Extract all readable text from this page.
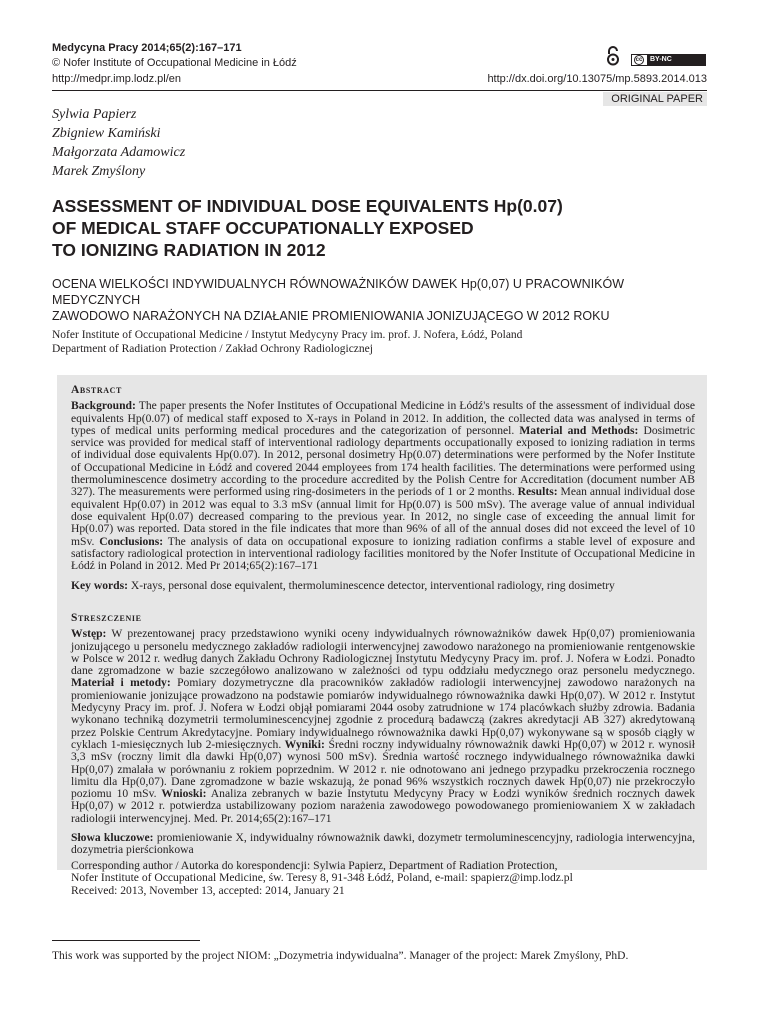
Medycyna Pracy 2014;65(2):167–171
© Nofer Institute of Occupational Medicine in Łódź
http://medpr.imp.lodz.pl/en
cc	BY-NC
http://dx.doi.org/10.13075/mp.5893.2014.013
ORIGINAL PAPER
Sylwia Papierz
Zbigniew Kamiński
Małgorzata Adamowicz
Marek Zmyślony
ASSESSMENT OF INDIVIDUAL DOSE EQUIVALENTS Hp(0.07)
OF MEDICAL STAFF OCCUPATIONALLY EXPOSED
TO IONIZING RADIATION IN 2012
OCENA WIELKOŚCI INDYWIDUALNYCH RÓWNOWAŻNIKÓW DAWEK Hp(0,07) U PRACOWNIKÓW MEDYCZNYCH
ZAWODOWO NARAŻONYCH NA DZIAŁANIE PROMIENIOWANIA JONIZUJĄCEGO W 2012 ROKU
Nofer Institute of Occupational Medicine / Instytut Medycyny Pracy im. prof. J. Nofera, Łódź, Poland
Department of Radiation Protection / Zakład Ochrony Radiologicznej
Abstract
Background: The paper presents the Nofer Institutes of Occupational Medicine in Łódź's results of the assessment of individual dose equivalents Hp(0.07) of medical staff exposed to X-rays in Poland in 2012. In addition, the collected data was analysed in terms of types of medical units performing medical procedures and the categorization of personnel. Material and Methods: Dosimetric service was provided for medical staff of interventional radiology departments occupationally exposed to ionizing radiation in terms of individual dose equivalents Hp(0.07). In 2012, personal dosimetry Hp(0.07) determinations were performed by the Nofer Institute of Occupational Medicine in Łódź and covered 2044 employees from 174 health facilities. The determinations were performed using thermoluminescence dosimetry according to the procedure accredited by the Polish Centre for Accreditation (document number AB 327). The measurements were performed using ring-dosimeters in the periods of 1 or 2 months. Results: Mean annual individual dose equivalent Hp(0.07) in 2012 was equal to 3.3 mSv (annual limit for Hp(0.07) is 500 mSv). The average value of annual individual dose equivalent Hp(0.07) decreased comparing to the previous year. In 2012, no single case of exceeding the annual limit for Hp(0.07) was reported. Data stored in the file indicates that more than 96% of all of the annual doses did not exceed the level of 10 mSv. Conclusions: The analysis of data on occupational exposure to ionizing radiation confirms a stable level of exposure and satisfactory radiological protection in interventional radiology facilities monitored by the Nofer Institute of Occupational Medicine in Łódź in Poland in 2012. Med Pr 2014;65(2):167–171
Key words: X-rays, personal dose equivalent, thermoluminescence detector, interventional radiology, ring dosimetry
Streszczenie
Wstęp: W prezentowanej pracy przedstawiono wyniki oceny indywidualnych równoważników dawek Hp(0,07) promieniowania jonizującego u personelu medycznego zakładów radiologii interwencyjnej zawodowo narażonego na promieniowanie rentgenowskie w Polsce w 2012 r. według danych Zakładu Ochrony Radiologicznej Instytutu Medycyny Pracy im. prof. J. Nofera w Łodzi. Ponadto dane zgromadzone w bazie szczegółowo analizowano w zależności od typu oddziału medycznego oraz personelu medycznego. Materiał i metody: Pomiary dozymetryczne dla pracowników zakładów radiologii interwencyjnej zawodowo narażonych na promieniowanie jonizujące prowadzono na podstawie pomiarów indywidualnego równoważnika dawki Hp(0,07). W 2012 r. Instytut Medycyny Pracy im. prof. J. Nofera w Łodzi objął pomiarami 2044 osoby zatrudnione w 174 placówkach służby zdrowia. Badania wykonano techniką dozymetrii termoluminescencyjnej zgodnie z procedurą badawczą (zakres akredytacji AB 327) akredytowaną przez Polskie Centrum Akredytacyjne. Pomiary indywidualnego równoważnika dawki Hp(0,07) wykonywane są w sposób ciągły w cyklach 1-miesięcznych lub 2-miesięcznych. Wyniki: Średni roczny indywidualny równoważnik dawki Hp(0,07) w 2012 r. wynosił 3,3 mSv (roczny limit dla dawki Hp(0,07) wynosi 500 mSv). Średnia wartość rocznego indywidualnego równoważnika dawki Hp(0,07) zmalała w porównaniu z rokiem poprzednim. W 2012 r. nie odnotowano ani jednego przypadku przekroczenia rocznego limitu dla Hp(0,07). Dane zgromadzone w bazie wskazują, że ponad 96% wszystkich rocznych dawek Hp(0,07) nie przekroczyło poziomu 10 mSv. Wnioski: Analiza zebranych w bazie Instytutu Medycyny Pracy w Łodzi wyników średnich rocznych dawek Hp(0,07) w 2012 r. potwierdza ustabilizowany poziom narażenia zawodowego powodowanego promieniowaniem X w zakładach radiologii interwencyjnej. Med. Pr. 2014;65(2):167–171
Słowa kluczowe: promieniowanie X, indywidualny równoważnik dawki, dozymetr termoluminescencyjny, radiologia interwencyjna, dozymetria pierścionkowa
Corresponding author / Autorka do korespondencji: Sylwia Papierz, Department of Radiation Protection,
Nofer Institute of Occupational Medicine, św. Teresy 8, 91-348 Łódź, Poland, e-mail: spapierz@imp.lodz.pl
Received: 2013, November 13, accepted: 2014, January 21
This work was supported by the project NIOM: „Dozymetria indywidualna”. Manager of the project: Marek Zmyślony, PhD.
